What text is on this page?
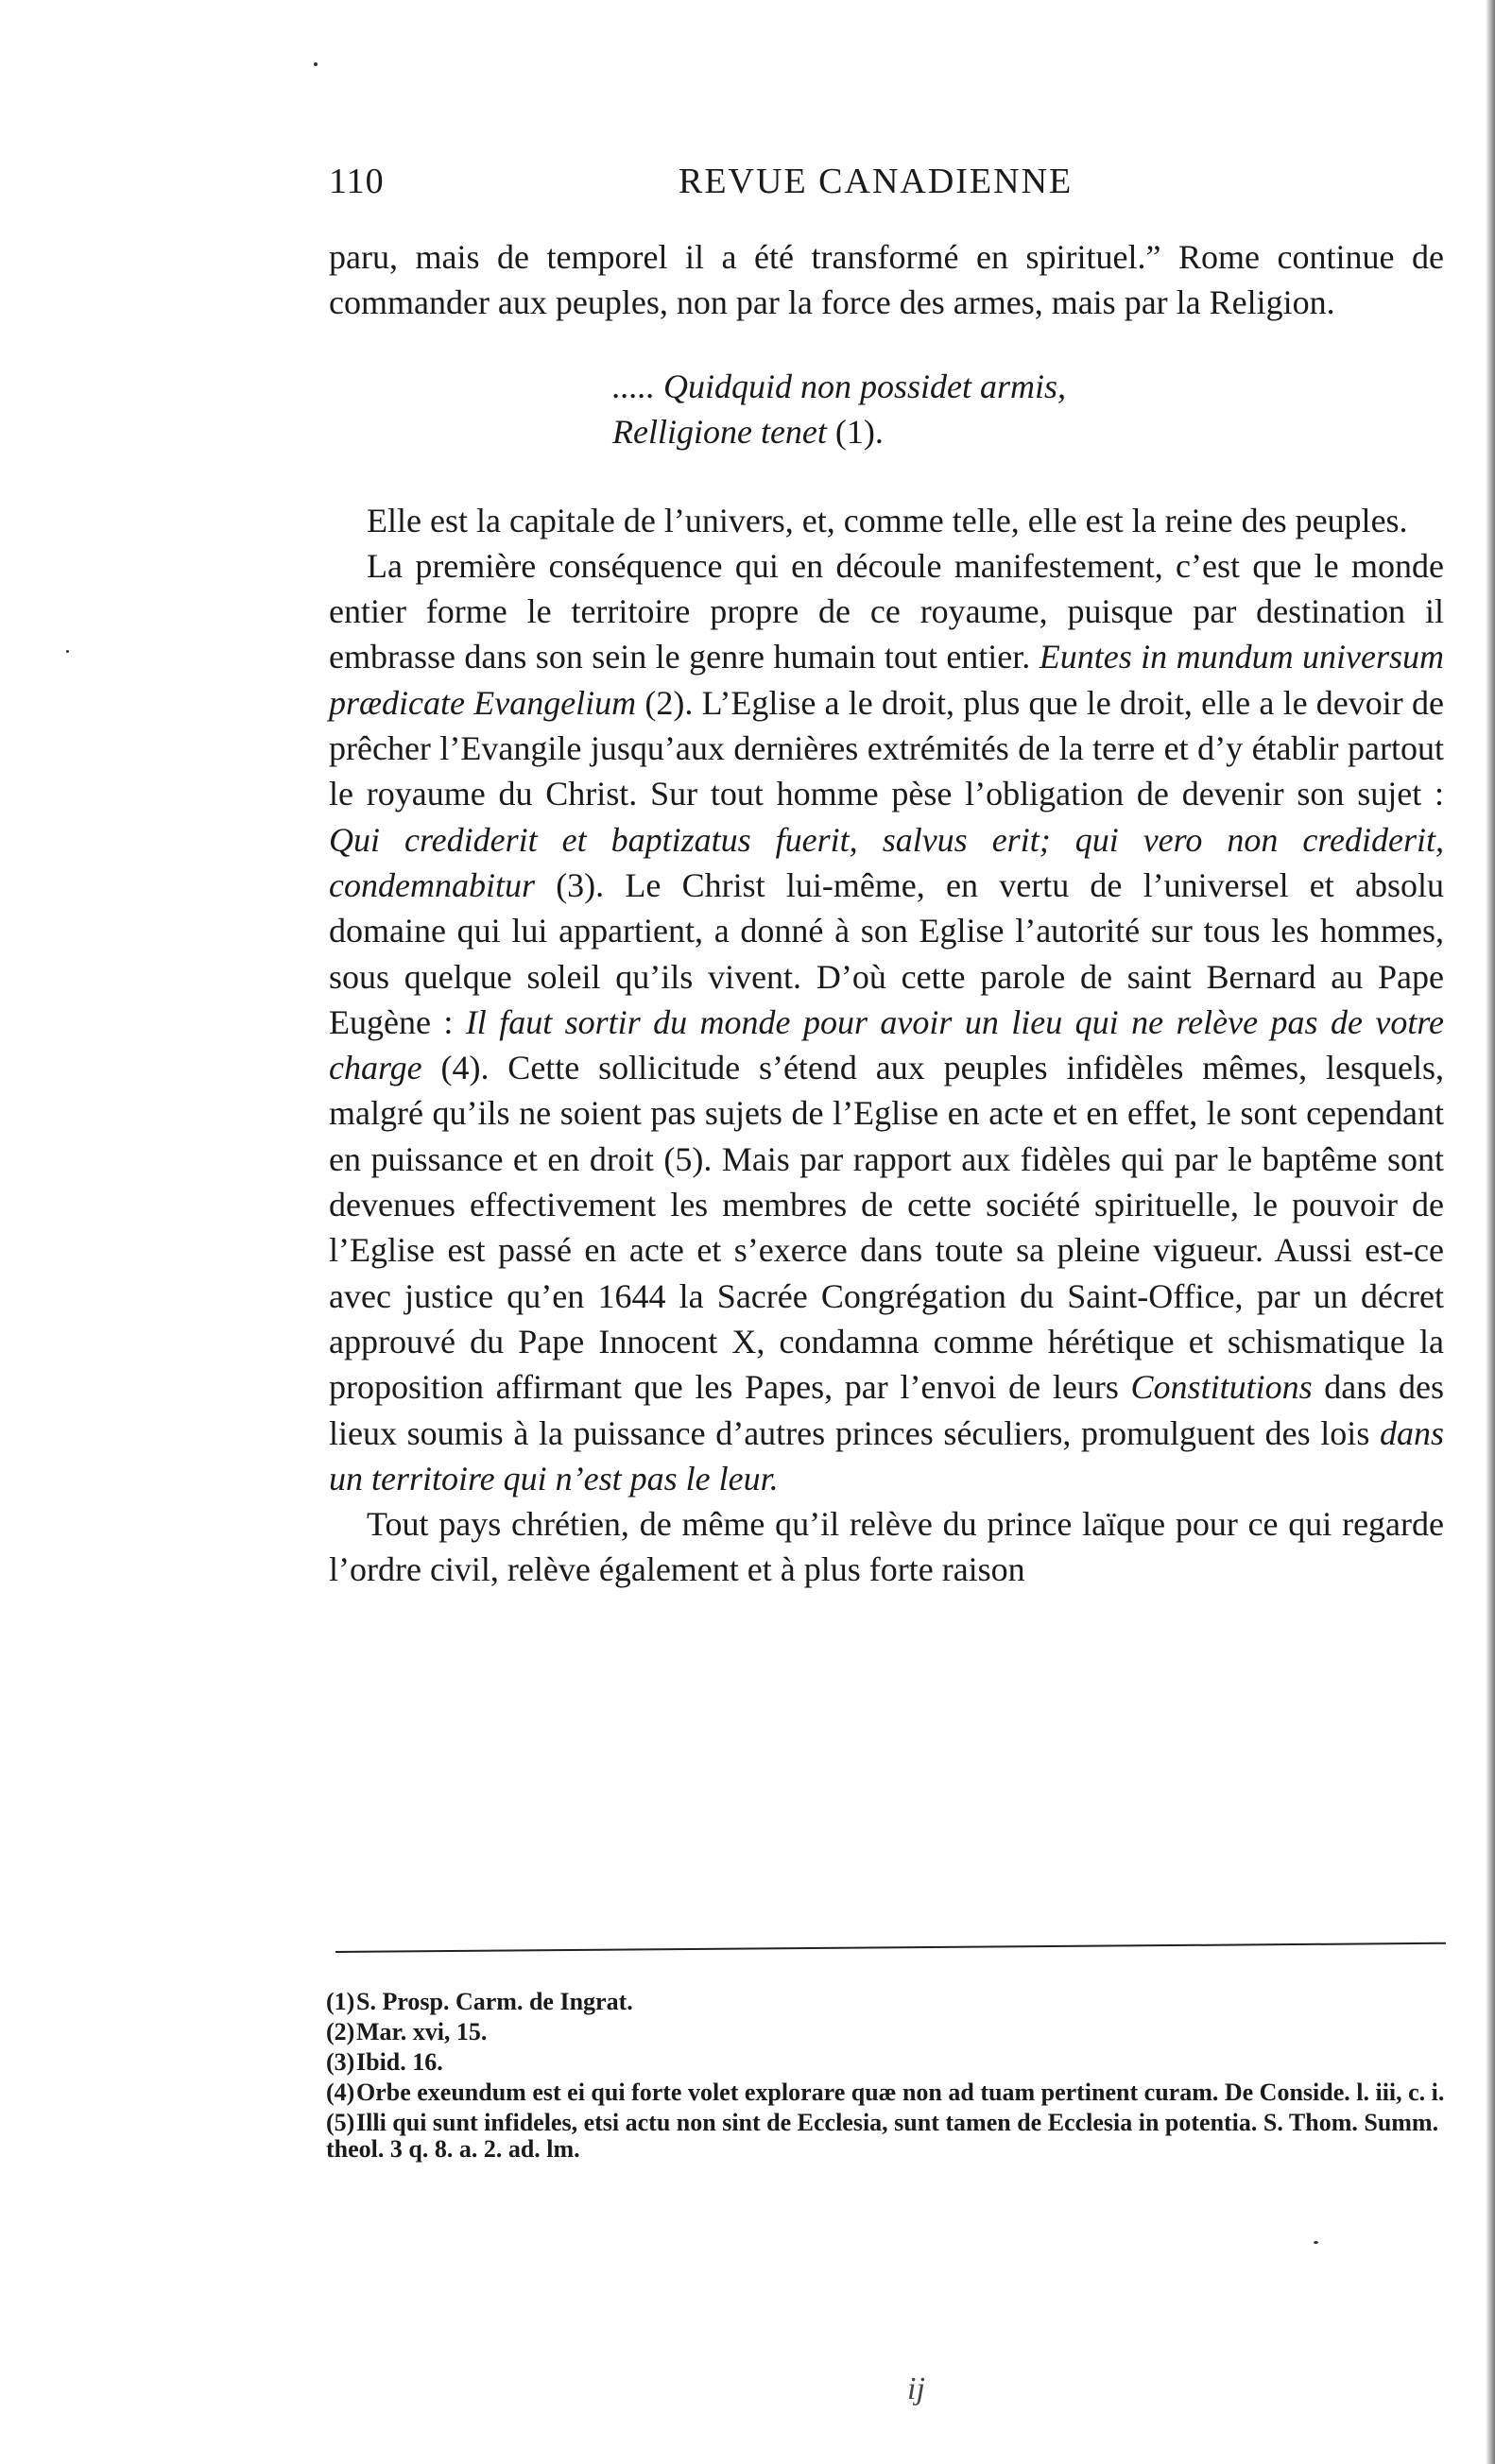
110	REVUE CANADIENNE

paru, mais de temporel il a été transformé en spirituel.” Rome continue de commander aux peuples, non par la force des armes, mais par la Religion.

..... Quidquid non possidet armis,
Relligione tenet (1).

Elle est la capitale de l’univers, et, comme telle, elle est la reine des peuples.

La première conséquence qui en découle manifestement, c’est que le monde entier forme le territoire propre de ce royaume, puisque par destination il embrasse dans son sein le genre humain tout entier. Euntes in mundum universum prædicate Evangelium (2). L’Eglise a le droit, plus que le droit, elle a le devoir de prêcher l’Evangile jusqu’aux dernières extrémités de la terre et d’y établir partout le royaume du Christ. Sur tout homme pèse l’obligation de devenir son sujet : Qui crediderit et baptizatus fuerit, salvus erit; qui vero non crediderit, condemnabitur (3). Le Christ lui-même, en vertu de l’universel et absolu domaine qui lui appartient, a donné à son Eglise l’autorité sur tous les hommes, sous quelque soleil qu’ils vivent. D’où cette parole de saint Bernard au Pape Eugène : Il faut sortir du monde pour avoir un lieu qui ne relève pas de votre charge (4). Cette sollicitude s’étend aux peuples infidèles mêmes, lesquels, malgré qu’ils ne soient pas sujets de l’Eglise en acte et en effet, le sont cependant en puissance et en droit (5). Mais par rapport aux fidèles qui par le baptême sont devenues effectivement les membres de cette société spirituelle, le pouvoir de l’Eglise est passé en acte et s’exerce dans toute sa pleine vigueur. Aussi est-ce avec justice qu’en 1644 la Sacrée Congrégation du Saint-Office, par un décret approuvé du Pape Innocent X, condamna comme hérétique et schismatique la proposition affirmant que les Papes, par l’envoi de leurs Constitutions dans des lieux soumis à la puissance d’autres princes séculiers, promulguent des lois dans un territoire qui n’est pas le leur.

Tout pays chrétien, de même qu’il relève du prince laïque pour ce qui regarde l’ordre civil, relève également et à plus forte raison

(1)S. Prosp. Carm. de Ingrat.
(2)Mar. xvi, 15.
(3)Ibid. 16.
(4)Orbe exeundum est ei qui forte volet explorare quæ non ad tuam pertinent curam. De Conside. l. iii, c. i.
(5)Illi qui sunt infideles, etsi actu non sint de Ecclesia, sunt tamen de Ecclesia in potentia. S. Thom. Summ. theol. 3 q. 8. a. 2. ad. lm.
ij
